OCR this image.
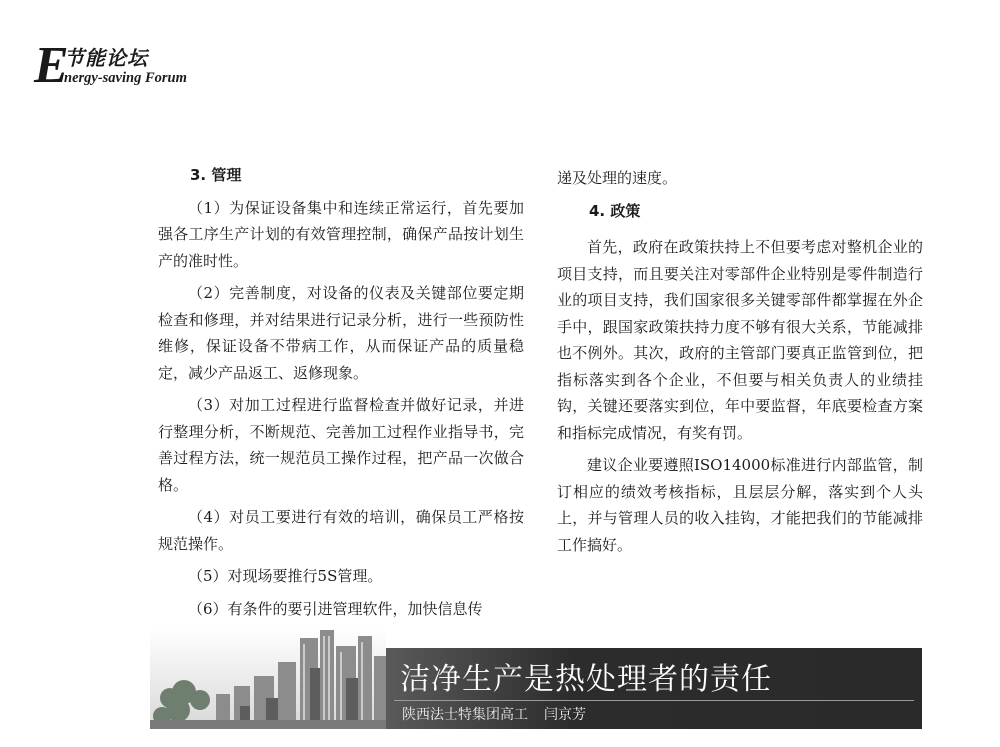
E
节能论坛
nergy-saving Forum
3. 管理

（1）为保证设备集中和连续正常运行，首先要加强各工序生产计划的有效管理控制，确保产品按计划生产的准时性。

（2）完善制度，对设备的仪表及关键部位要定期检查和修理，并对结果进行记录分析，进行一些预防性维修，保证设备不带病工作，从而保证产品的质量稳定，减少产品返工、返修现象。

（3）对加工过程进行监督检查并做好记录，并进行整理分析，不断规范、完善加工过程作业指导书，完善过程方法，统一规范员工操作过程，把产品一次做合格。

（4）对员工要进行有效的培训，确保员工严格按规范操作。

（5）对现场要推行5S管理。

（6）有条件的要引进管理软件，加快信息传

递及处理的速度。

4. 政策

首先，政府在政策扶持上不但要考虑对整机企业的项目支持，而且要关注对零部件企业特别是零件制造行业的项目支持，我们国家很多关键零部件都掌握在外企手中，跟国家政策扶持力度不够有很大关系，节能减排也不例外。其次，政府的主管部门要真正监管到位，把指标落实到各个企业，不但要与相关负责人的业绩挂钩，关键还要落实到位，年中要监督，年底要检查方案和指标完成情况，有奖有罚。

建议企业要遵照ISO14000标准进行内部监管，制订相应的绩效考核指标，且层层分解，落实到个人头上，并与管理人员的收入挂钩，才能把我们的节能减排工作搞好。

洁净生产是热处理者的责任
陕西法士特集团高工 闫京芳
